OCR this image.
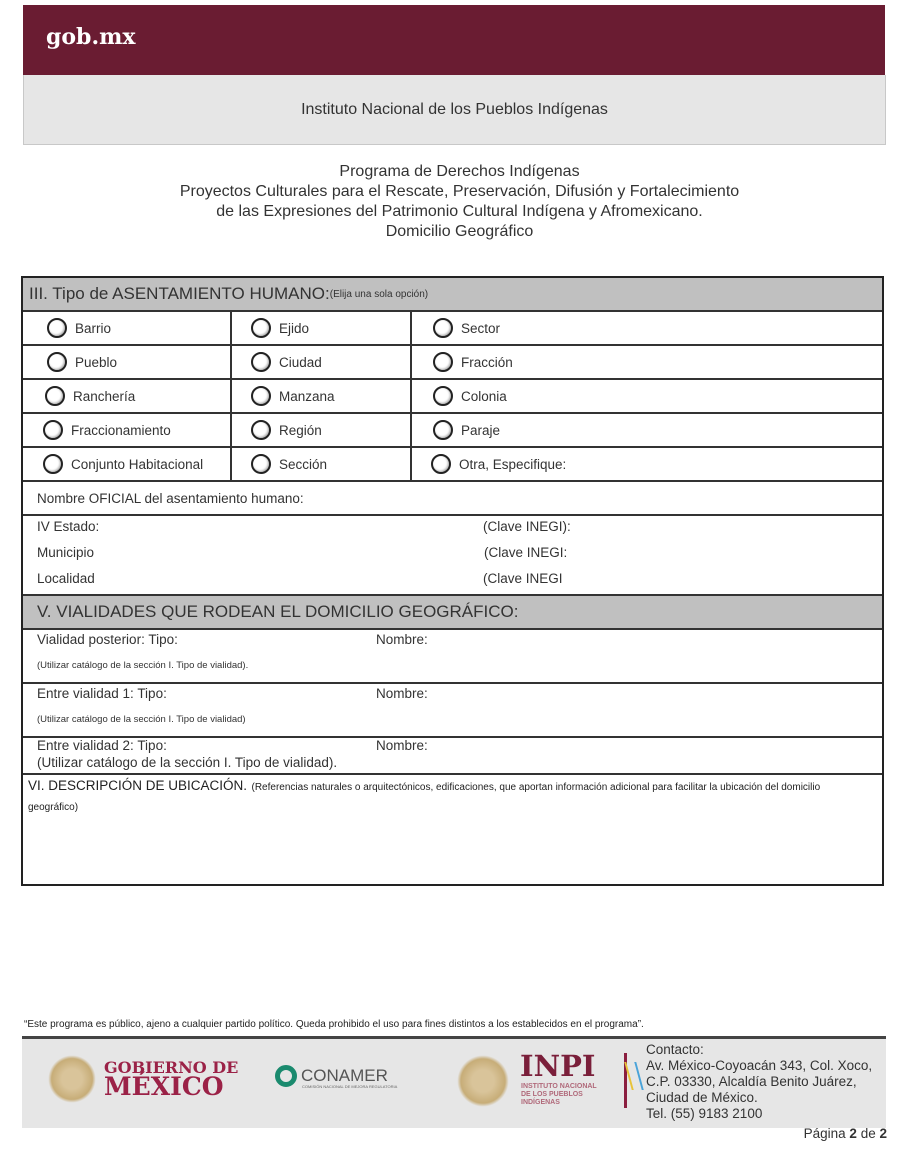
gob.mx
Instituto Nacional de los Pueblos Indígenas
Programa de Derechos Indígenas
Proyectos Culturales para el Rescate, Preservación, Difusión y Fortalecimiento
de las Expresiones del Patrimonio Cultural Indígena y Afromexicano.
Domicilio Geográfico
III. Tipo de ASENTAMIENTO HUMANO: (Elija una sola opción)
Barrio	Ejido	Sector
Pueblo	Ciudad	Fracción
Ranchería	Manzana	Colonia
Fraccionamiento	Región	Paraje
Conjunto Habitacional	Sección	Otra, Especifique:
Nombre OFICIAL del asentamiento humano:
IV Estado:	(Clave INEGI):
Municipio	(Clave INEGI:
Localidad	(Clave INEGI
V. VIALIDADES QUE RODEAN EL DOMICILIO GEOGRÁFICO:
Vialidad posterior: Tipo:	Nombre:
(Utilizar catálogo de la sección I. Tipo de vialidad).
Entre vialidad 1: Tipo:	Nombre:
(Utilizar catálogo de la sección I. Tipo de vialidad)
Entre vialidad 2: Tipo:	Nombre:
(Utilizar catálogo de la sección I. Tipo de vialidad).
VI. DESCRIPCIÓN DE UBICACIÓN. (Referencias naturales o arquitectónicos, edificaciones, que aportan información adicional para facilitar la ubicación del domicilio geográfico)
“Este programa es público, ajeno a cualquier partido político. Queda prohibido el uso para fines distintos a los establecidos en el programa”.
GOBIERNO DE
MÉXICO	CONAMER
COMISIÓN NACIONAL DE MEJORA REGULATORIA
INPI
INSTITUTO NACIONAL
DE LOS PUEBLOS
INDÍGENAS
Contacto:
Av. México-Coyoacán 343, Col. Xoco,
C.P. 03330, Alcaldía Benito Juárez,
Ciudad de México.
Tel. (55) 9183 2100
Página 2 de 2
